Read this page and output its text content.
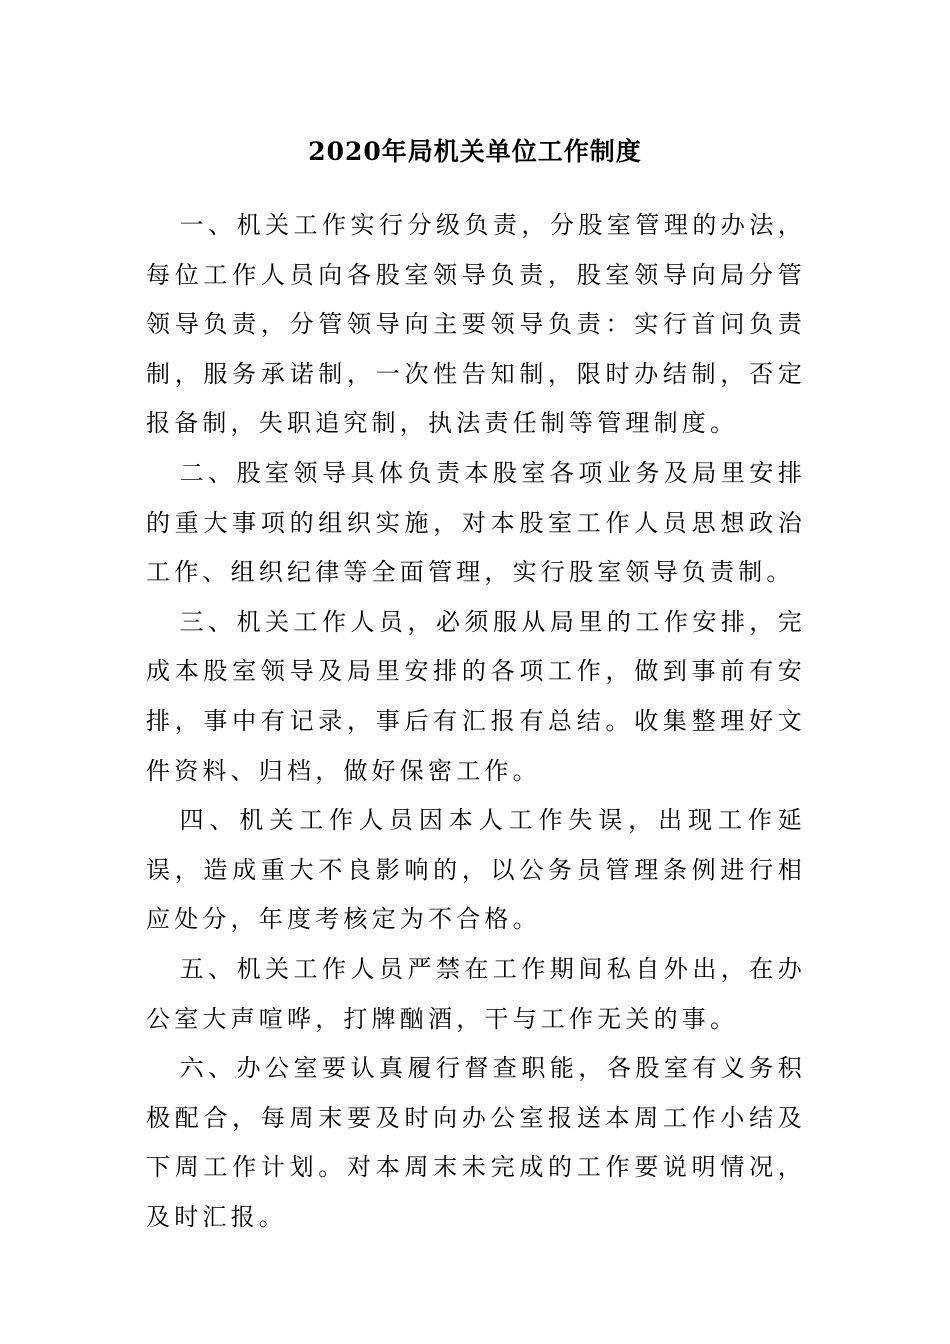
2020年局机关单位工作制度

一、机关工作实行分级负责，分股室管理的办法，每位工作人员向各股室领导负责，股室领导向局分管领导负责，分管领导向主要领导负责：实行首问负责制，服务承诺制，一次性告知制，限时办结制，否定报备制，失职追究制，执法责任制等管理制度。

二、股室领导具体负责本股室各项业务及局里安排的重大事项的组织实施，对本股室工作人员思想政治工作、组织纪律等全面管理，实行股室领导负责制。

三、机关工作人员，必须服从局里的工作安排，完成本股室领导及局里安排的各项工作，做到事前有安排，事中有记录，事后有汇报有总结。收集整理好文件资料、归档，做好保密工作。

四、机关工作人员因本人工作失误，出现工作延误，造成重大不良影响的，以公务员管理条例进行相应处分，年度考核定为不合格。

五、机关工作人员严禁在工作期间私自外出，在办公室大声喧哗，打牌酗酒，干与工作无关的事。

六、办公室要认真履行督查职能，各股室有义务积极配合，每周末要及时向办公室报送本周工作小结及下周工作计划。对本周末未完成的工作要说明情况，及时汇报。
